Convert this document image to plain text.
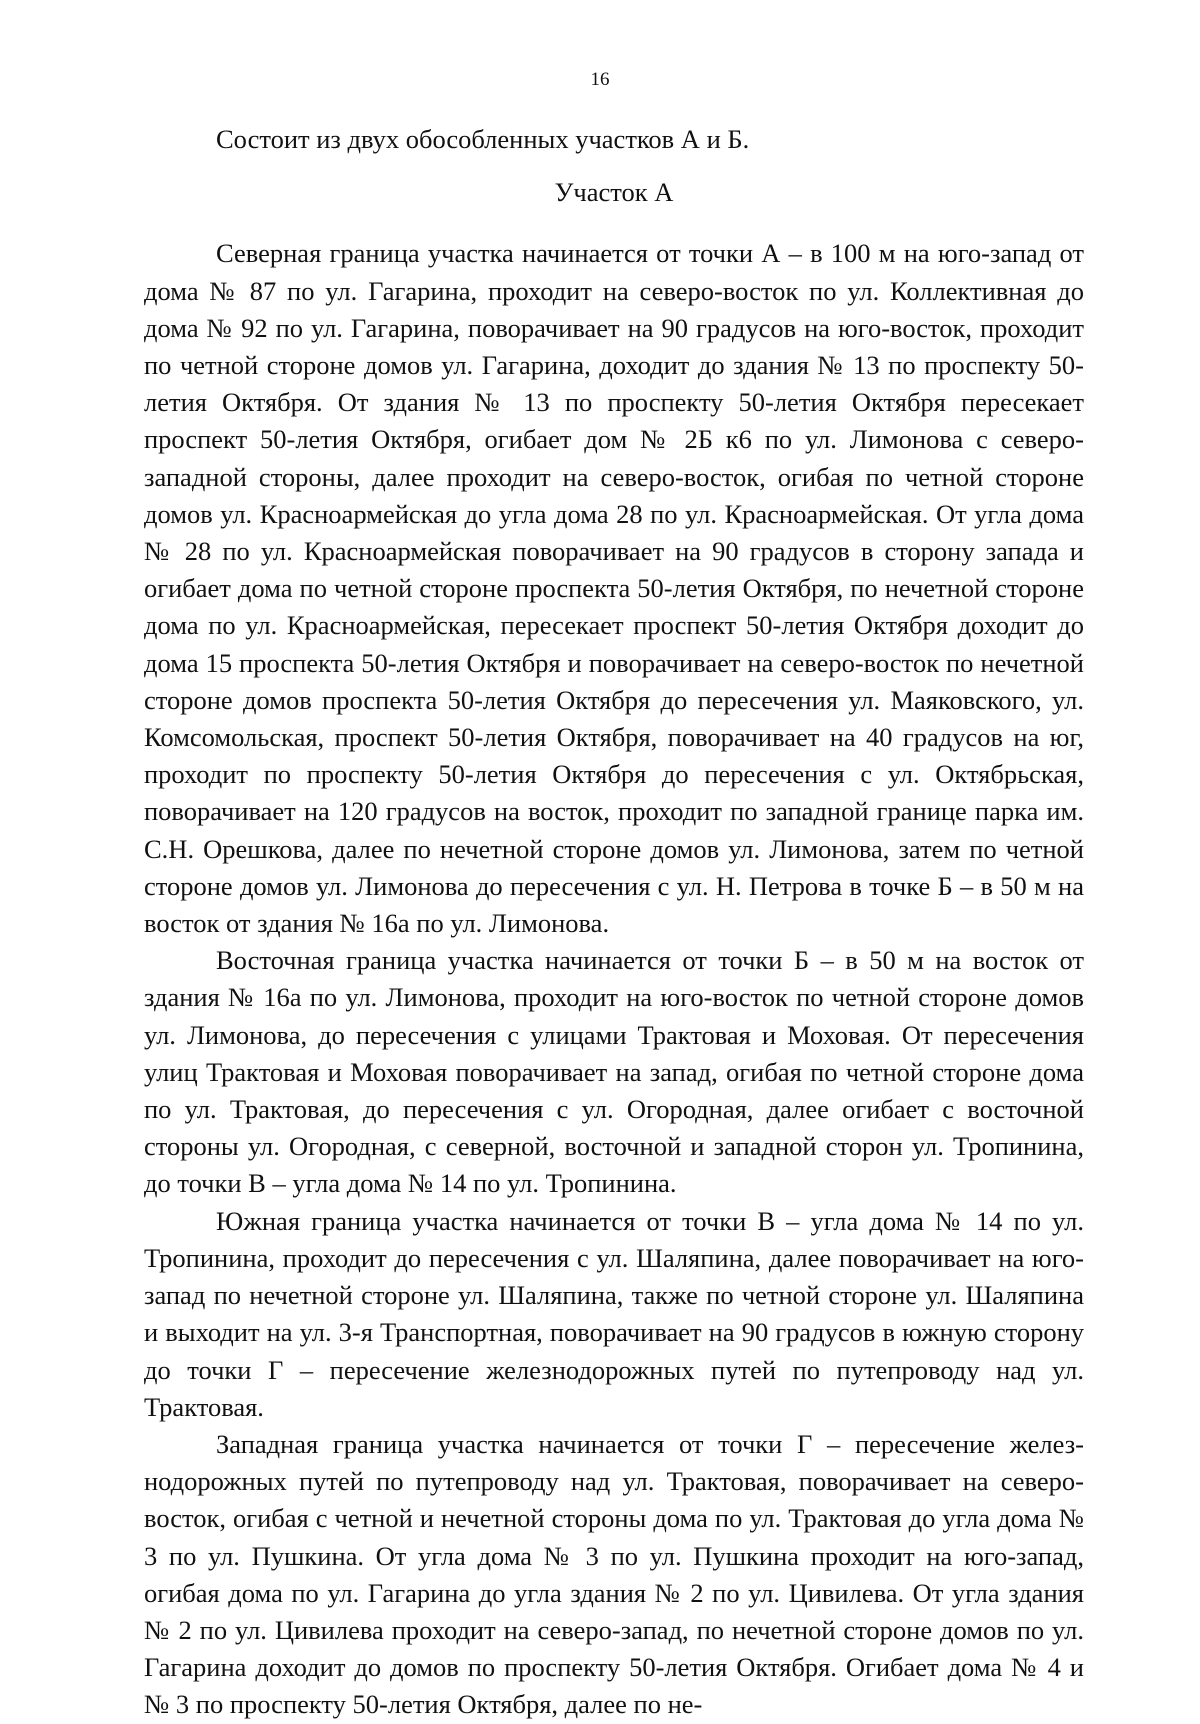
16

Состоит из двух обособленных участков А и Б.

Участок А

Северная граница участка начинается от точки А – в 100 м на юго-запад от дома № 87 по ул. Гагарина, проходит на северо-восток по ул. Коллективная до дома № 92 по ул. Гагарина, поворачивает на 90 градусов на юго-восток, проходит по четной стороне домов ул. Гагарина, доходит до здания № 13 по проспекту 50-летия Октября. От здания № 13 по проспекту 50-летия Октября пересекает проспект 50-летия Октября, огибает дом № 2Б к6 по ул. Лимонова с северо-западной стороны, далее проходит на северо-восток, огибая по четной стороне домов ул. Красноармейская до угла дома 28 по ул. Красноармейская. От угла дома № 28 по ул. Красноармейская поворачивает на 90 градусов в сторону запада и огибает дома по четной стороне проспекта 50-летия Октября, по нечетной стороне дома по ул. Красноармейская, пересекает проспект 50-летия Октября доходит до дома 15 проспекта 50-летия Октября и поворачивает на северо-восток по нечетной стороне домов проспекта 50-летия Октября до пересечения ул. Маяковского, ул. Комсомольская, проспект 50-летия Октября, поворачивает на 40 градусов на юг, проходит по проспекту 50-летия Октября до пересечения с ул. Октябрьская, поворачивает на 120 градусов на восток, проходит по западной границе парка им. С.Н. Орешкова, далее по нечетной стороне домов ул. Лимонова, затем по четной стороне домов ул. Лимонова до пересечения с ул. Н. Петрова в точке Б – в 50 м на восток от здания № 16а по ул. Лимонова.

Восточная граница участка начинается от точки Б – в 50 м на восток от здания № 16а по ул. Лимонова, проходит на юго-восток по четной стороне домов ул. Лимонова, до пересечения с улицами Трактовая и Моховая. От пересечения улиц Трактовая и Моховая поворачивает на запад, огибая по четной стороне дома по ул. Трактовая, до пересечения с ул. Огородная, далее огибает с восточной стороны ул. Огородная, с северной, восточной и западной сторон ул. Тропинина, до точки В – угла дома № 14 по ул. Тропинина.

Южная граница участка начинается от точки В – угла дома № 14 по ул. Тропинина, проходит до пересечения с ул. Шаляпина, далее поворачивает на юго-запад по нечетной стороне ул. Шаляпина, также по четной стороне ул. Шаляпина и выходит на ул. 3-я Транспортная, поворачивает на 90 градусов в южную сторону до точки Г – пересечение железнодорожных путей по путепроводу над ул. Трактовая.

Западная граница участка начинается от точки Г – пересечение железнодорожных путей по путепроводу над ул. Трактовая, поворачивает на северо-восток, огибая с четной и нечетной стороны дома по ул. Трактовая до угла дома № 3 по ул. Пушкина. От угла дома № 3 по ул. Пушкина проходит на юго-запад, огибая дома по ул. Гагарина до угла здания № 2 по ул. Цивилева. От угла здания № 2 по ул. Цивилева проходит на северо-запад, по нечетной стороне домов по ул. Гагарина доходит до домов по проспекту 50-летия Октября. Огибает дома № 4 и № 3 по проспекту 50-летия Октября, далее по не-
